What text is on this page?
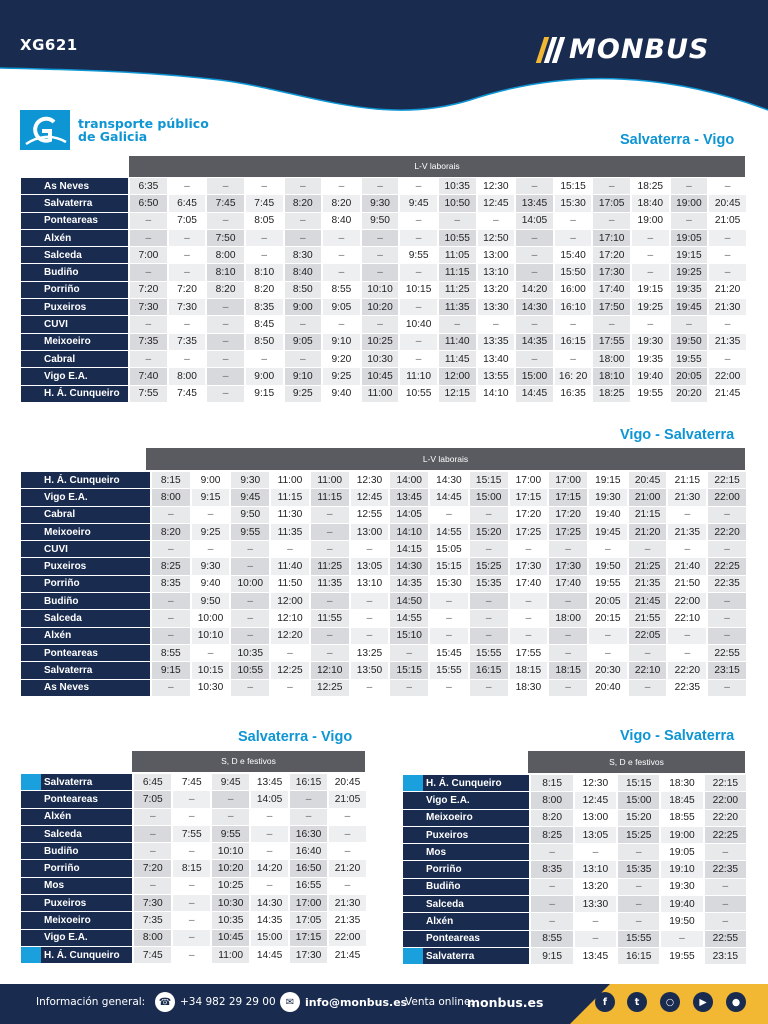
XG621	MONBUS
transporte público
de Galicia	Salvaterra - Vigo
Vigo - Salvaterra
Salvaterra - Vigo	Vigo - Salvaterra
L-V laborais
L-V laborais
S, D e festivos	S, D e festivos
As Neves	6:35	–	–	–	–	–	–	–	10:35	12:30	–	15:15	–	18:25	–	–
Salvaterra	6:50	6:45	7:45	7:45	8:20	8:20	9:30	9:45	10:50	12:45	13:45	15:30	17:05	18:40	19:00	20:45
Ponteareas	–	7:05	–	8:05	–	8:40	9:50	–	–	–	14:05	–	–	19:00	–	21:05
Alxén	–	–	7:50	–	–	–	–	–	10:55	12:50	–	–	17:10	–	19:05	–
Salceda	7:00	–	8:00	–	8:30	–	–	9:55	11:05	13:00	–	15:40	17:20	–	19:15	–
Budiño	–	–	8:10	8:10	8:40	–	–	–	11:15	13:10	–	15:50	17:30	–	19:25	–
Porriño	7:20	7:20	8:20	8:20	8:50	8:55	10:10	10:15	11:25	13:20	14:20	16:00	17:40	19:15	19:35	21:20
Puxeiros	7:30	7:30	–	8:35	9:00	9:05	10:20	–	11:35	13:30	14:30	16:10	17:50	19:25	19:45	21:30
CUVI	–	–	–	8:45	–	–	–	10:40	–	–	–	–	–	–	–	–
Meixoeiro	7:35	7:35	–	8:50	9:05	9:10	10:25	–	11:40	13:35	14:35	16:15	17:55	19:30	19:50	21:35
Cabral	–	–	–	–	–	9:20	10:30	–	11:45	13:40	–	–	18:00	19:35	19:55	–
Vigo E.A.	7:40	8:00	–	9:00	9:10	9:25	10:45	11:10	12:00	13:55	15:00	16: 20	18:10	19:40	20:05	22:00
H. Á. Cunqueiro	7:55	7:45	–	9:15	9:25	9:40	11:00	10:55	12:15	14:10	14:45	16:35	18:25	19:55	20:20	21:45
H. Á. Cunqueiro	8:15	9:00	9:30	11:00	11:00	12:30	14:00	14:30	15:15	17:00	17:00	19:15	20:45	21:15	22:15
Vigo E.A.	8:00	9:15	9:45	11:15	11:15	12:45	13:45	14:45	15:00	17:15	17:15	19:30	21:00	21:30	22:00
Cabral	–	–	9:50	11:30	–	12:55	14:05	–	–	17:20	17:20	19:40	21:15	–	–
Meixoeiro	8:20	9:25	9:55	11:35	–	13:00	14:10	14:55	15:20	17:25	17:25	19:45	21:20	21:35	22:20
CUVI	–	–	–	–	–	–	14:15	15:05	–	–	–	–	–	–	–
Puxeiros	8:25	9:30	–	11:40	11:25	13:05	14:30	15:15	15:25	17:30	17:30	19:50	21:25	21:40	22:25
Porriño	8:35	9:40	10:00	11:50	11:35	13:10	14:35	15:30	15:35	17:40	17:40	19:55	21:35	21:50	22:35
Budiño	–	9:50	–	12:00	–	–	14:50	–	–	–	–	20:05	21:45	22:00	–
Salceda	–	10:00	–	12:10	11:55	–	14:55	–	–	–	18:00	20:15	21:55	22:10	–
Alxén	–	10:10	–	12:20	–	–	15:10	–	–	–	–	–	22:05	–	–
Ponteareas	8:55	–	10:35	–	–	13:25	–	15:45	15:55	17:55	–	–	–	–	22:55
Salvaterra	9:15	10:15	10:55	12:25	12:10	13:50	15:15	15:55	16:15	18:15	18:15	20:30	22:10	22:20	23:15
As Neves	–	10:30	–	–	12:25	–	–	–	–	18:30	–	20:40	–	22:35	–
Salvaterra	6:45	7:45	9:45	13:45	16:15	20:45
Ponteareas	7:05	–	–	14:05	–	21:05
Alxén	–	–	–	–	–	–
Salceda	–	7:55	9:55	–	16:30	–
Budiño	–	–	10:10	–	16:40	–
Porriño	7:20	8:15	10:20	14:20	16:50	21:20
Mos	–	–	10:25	–	16:55	–
Puxeiros	7:30	–	10:30	14:30	17:00	21:30
Meixoeiro	7:35	–	10:35	14:35	17:05	21:35
Vigo E.A.	8:00	–	10:45	15:00	17:15	22:00
H. Á. Cunqueiro	7:45	–	11:00	14:45	17:30	21:45
H. Á. Cunqueiro	8:15	12:30	15:15	18:30	22:15
Vigo E.A.	8:00	12:45	15:00	18:45	22:00
Meixoeiro	8:20	13:00	15:20	18:55	22:20
Puxeiros	8:25	13:05	15:25	19:00	22:25
Mos	–	–	–	19:05	–
Porriño	8:35	13:10	15:35	19:10	22:35
Budiño	–	13:20	–	19:30	–
Salceda	–	13:30	–	19:40	–
Alxén	–	–	–	19:50	–
Ponteareas	8:55	–	15:55	–	22:55
Salvaterra	9:15	13:45	16:15	19:55	23:15
Información general:	☎ +34 982 29 29 00	✉ info@monbus.es
Venta online:
monbus.es	f	t	○	▶	●
